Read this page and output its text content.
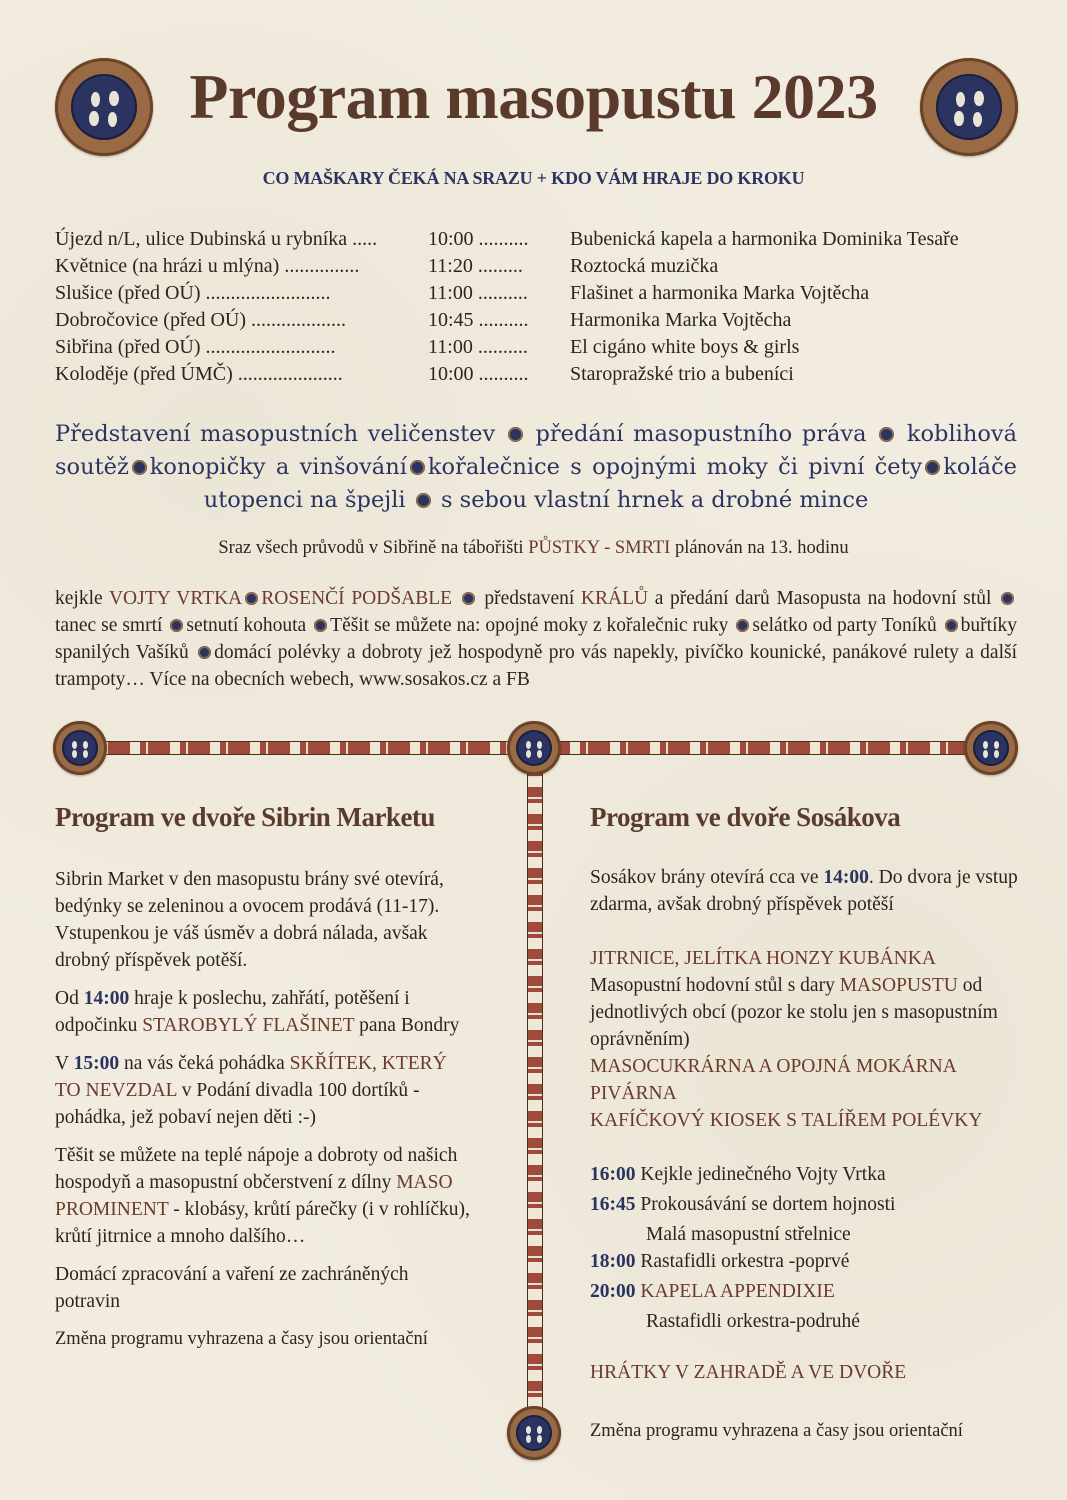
Program masopustu 2023
CO MAŠKARY ČEKÁ NA SRAZU + KDO VÁM HRAJE DO KROKU
Újezd n/L, ulice Dubinská u rybníka .....	10:00 .......... Bubenická kapela a harmonika Dominika Tesaře
Květnice (na hrázi u mlýna) ...............	11:20 ......... Roztocká muzička
Slušice (před OÚ) .........................	11:00 .......... Flašinet a harmonika Marka Vojtěcha
Dobročovice (před OÚ) ...................	10:45 .......... Harmonika Marka Vojtěcha
Sibřina (před OÚ) ..........................	11:00 .......... El cigáno white boys & girls
Koloděje (před ÚMČ) .....................	10:00 .......... Staropražské trio a bubeníci
Představení masopustních veličenstev předání masopustního práva koblihová soutěž konopičky a vinšování kořalečnice s opojnými moky či pivní čety koláče utopenci na špejli s sebou vlastní hrnek a drobné mince
Sraz všech průvodů v Sibřině na tábořišti PŮSTKY - SMRTI plánován na 13. hodinu
kejkle VOJTY VRTKA ROSENČÍ PODŠABLE  představení KRÁLŮ a předání darů Masopusta na hodovní stůl tanec se smrtí setnutí kohouta Těšit se můžete na: opojné moky z kořalečnic ruky selátko od party Toníků buřtíky spanilých Vašíků domácí polévky a dobroty jež hospodyně pro vás napekly, pivíčko kounické, panákové rulety a další trampoty… Více na obecních webech, www.sosakos.cz a FB
Program ve dvoře Sibrin Marketu

Sibrin Market v den masopustu brány své otevírá, bedýnky se zeleninou a ovocem prodává (11-17). Vstupenkou je váš úsměv a dobrá nálada, avšak drobný příspěvek potěší.

Od 14:00 hraje k poslechu, zahřátí, potěšení i odpočinku STAROBYLÝ FLAŠINET pana Bondry

V 15:00 na vás čeká pohádka SKŘÍTEK, KTERÝ TO NEVZDAL v Podání divadla 100 dortíků - pohádka, jež pobaví nejen děti :-)

Těšit se můžete na teplé nápoje a dobroty od našich hospodyň a masopustní občerstvení z dílny MASO PROMINENT - klobásy, krůtí párečky (i v rohlíčku), krůtí jitrnice a mnoho dalšího…

Domácí zpracování a vaření ze zachráněných potravin

Změna programu vyhrazena a časy jsou orientační

Program ve dvoře Sosákova

Sosákov brány otevírá cca ve 14:00. Do dvora je vstup zdarma, avšak drobný příspěvek potěší

JITRNICE, JELÍTKA HONZY KUBÁNKA
Masopustní hodovní stůl s dary MASOPUSTU od jednotlivých obcí (pozor ke stolu jen s masopustním oprávněním)
MASOCUKRÁRNA A OPOJNÁ MOKÁRNA
PIVÁRNA
KAFÍČKOVÝ KIOSEK S TALÍŘEM POLÉVKY
16:00 Kejkle jedinečného Vojty Vrtka
16:45 Prokousávání se dortem hojnosti
Malá masopustní střelnice
18:00 Rastafidli orkestra -poprvé
20:00 KAPELA APPENDIXIE
Rastafidli orkestra-podruhé
HRÁTKY V ZAHRADĚ A VE DVOŘE
Změna programu vyhrazena a časy jsou orientační
